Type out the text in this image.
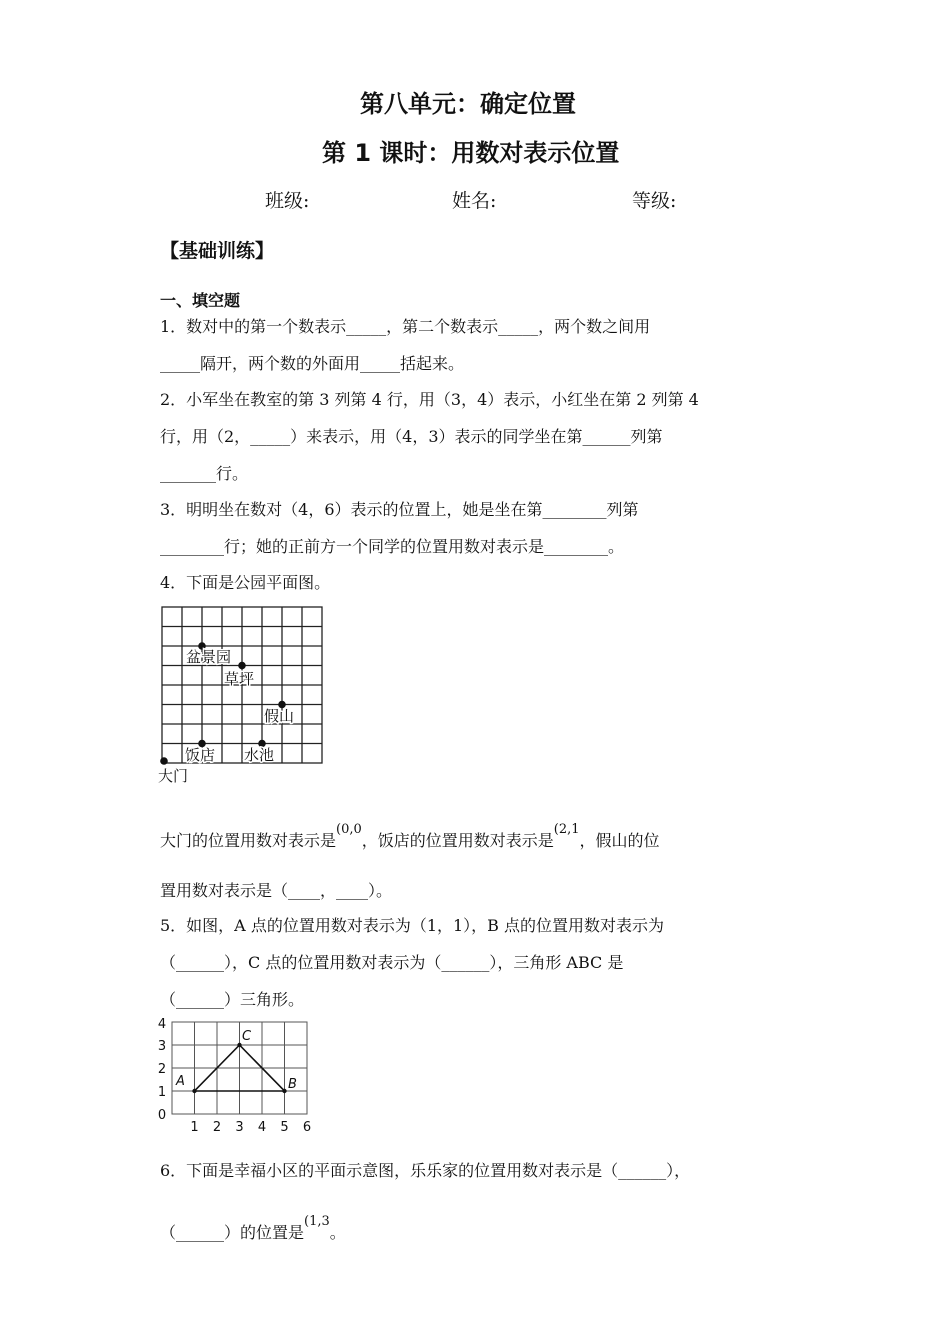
第八单元：确定位置
第 1 课时：用数对表示位置
班级:	姓名:	等级:
【基础训练】
一、填空题
1．数对中的第一个数表示_____，第二个数表示_____，两个数之间用
_____隔开，两个数的外面用_____括起来。
2．小军坐在教室的第 3 列第 4 行，用（3，4）表示，小红坐在第 2 列第 4
行，用（2，_____）来表示，用（4，3）表示的同学坐在第______列第
_______行。
3．明明坐在数对（4，6）表示的位置上，她是坐在第________列第
________行；她的正前方一个同学的位置用数对表示是________。
4．下面是公园平面图。
盆景园
草坪
假山
饭店 水池
大门
大门的位置用数对表示是(0,0，饭店的位置用数对表示是(2,1，假山的位
置用数对表示是（____，____）。
5．如图，A 点的位置用数对表示为（1，1），B 点的位置用数对表示为
（______），C 点的位置用数对表示为（______），三角形 ABC 是
（______）三角形。
A	B
C
1 2 3 4 5 6
0
1
2
3
4
6．下面是幸福小区的平面示意图，乐乐家的位置用数对表示是（______），
（______）的位置是(1,3。
